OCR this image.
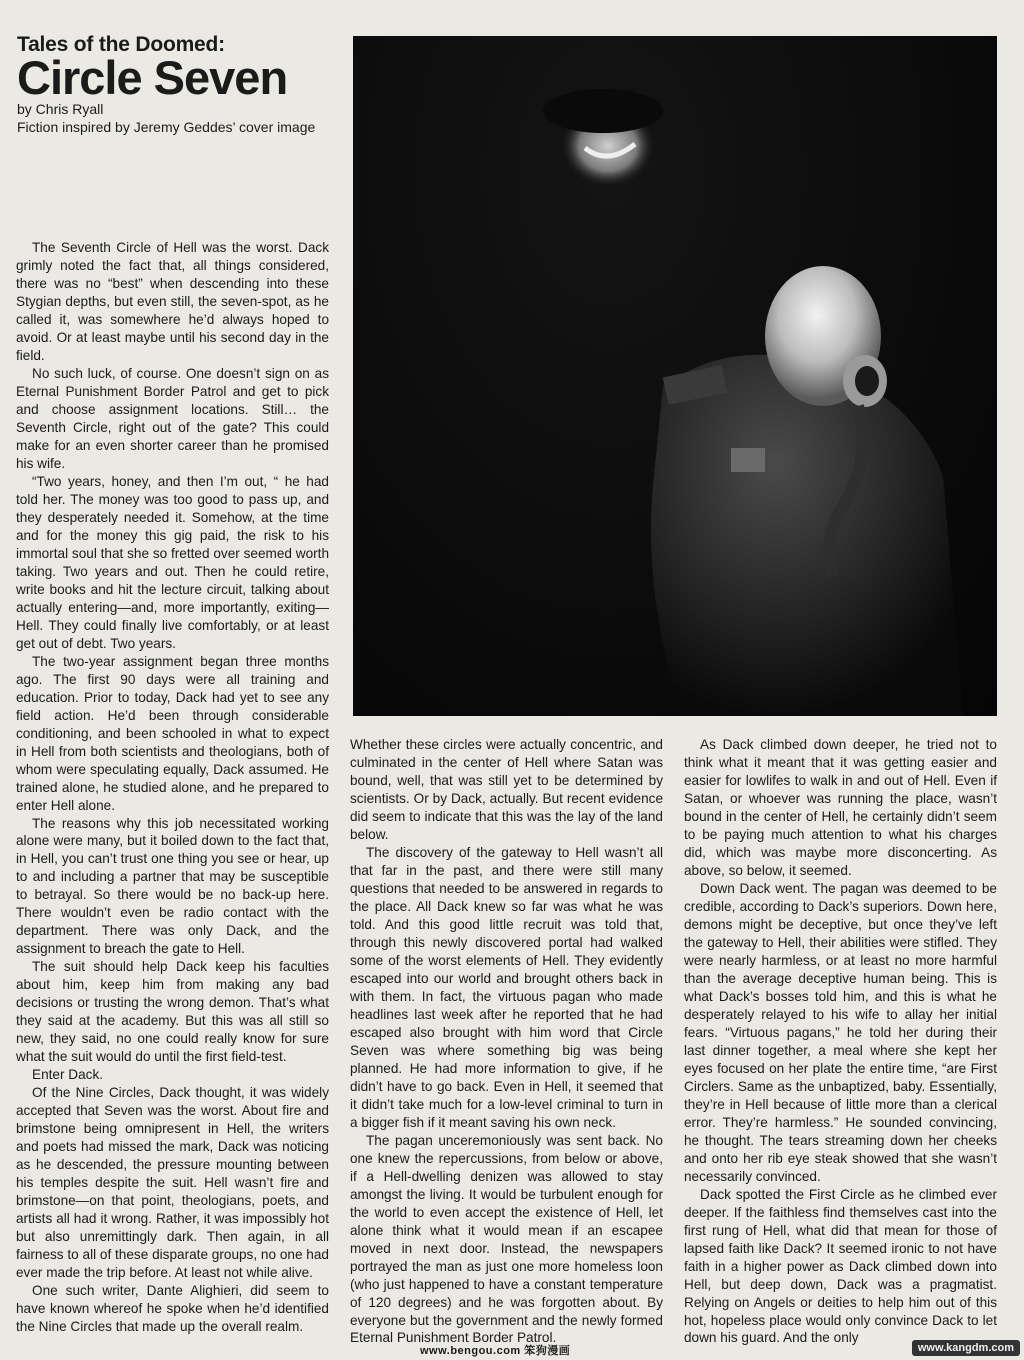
Tales of the Doomed:
Circle Seven
by Chris Ryall
Fiction inspired by Jeremy Geddes’ cover image

The Seventh Circle of Hell was the worst. Dack grimly noted the fact that, all things considered, there was no “best” when descending into these Stygian depths, but even still, the seven-spot, as he called it, was somewhere he’d always hoped to avoid. Or at least maybe until his second day in the field.

No such luck, of course. One doesn’t sign on as Eternal Punishment Border Patrol and get to pick and choose assignment locations. Still… the Seventh Circle, right out of the gate? This could make for an even shorter career than he promised his wife.

“Two years, honey, and then I’m out, “ he had told her. The money was too good to pass up, and they desperately needed it. Somehow, at the time and for the money this gig paid, the risk to his immortal soul that she so fretted over seemed worth taking. Two years and out. Then he could retire, write books and hit the lecture circuit, talking about actually entering—and, more importantly, exiting—Hell. They could finally live comfortably, or at least get out of debt. Two years.

The two-year assignment began three months ago. The first 90 days were all training and education. Prior to today, Dack had yet to see any field action. He’d been through considerable conditioning, and been schooled in what to expect in Hell from both scientists and theologians, both of whom were speculating equally, Dack assumed. He trained alone, he studied alone, and he prepared to enter Hell alone.

The reasons why this job necessitated working alone were many, but it boiled down to the fact that, in Hell, you can’t trust one thing you see or hear, up to and including a partner that may be susceptible to betrayal. So there would be no back-up here. There wouldn’t even be radio contact with the department. There was only Dack, and the assignment to breach the gate to Hell.

The suit should help Dack keep his faculties about him, keep him from making any bad decisions or trusting the wrong demon. That’s what they said at the academy. But this was all still so new, they said, no one could really know for sure what the suit would do until the first field-test.

Enter Dack.

Of the Nine Circles, Dack thought, it was widely accepted that Seven was the worst. About fire and brimstone being omnipresent in Hell, the writers and poets had missed the mark, Dack was noticing as he descended, the pressure mounting between his temples despite the suit. Hell wasn’t fire and brimstone—on that point, theologians, poets, and artists all had it wrong. Rather, it was impossibly hot but also unremittingly dark. Then again, in all fairness to all of these disparate groups, no one had ever made the trip before. At least not while alive.

One such writer, Dante Alighieri, did seem to have known whereof he spoke when he’d identified the Nine Circles that made up the overall realm.

Whether these circles were actually concentric, and culminated in the center of Hell where Satan was bound, well, that was still yet to be determined by scientists. Or by Dack, actually. But recent evidence did seem to indicate that this was the lay of the land below.

The discovery of the gateway to Hell wasn’t all that far in the past, and there were still many questions that needed to be answered in regards to the place. All Dack knew so far was what he was told. And this good little recruit was told that, through this newly discovered portal had walked some of the worst elements of Hell. They evidently escaped into our world and brought others back in with them. In fact, the virtuous pagan who made headlines last week after he reported that he had escaped also brought with him word that Circle Seven was where something big was being planned. He had more information to give, if he didn’t have to go back. Even in Hell, it seemed that it didn’t take much for a low-level criminal to turn in a bigger fish if it meant saving his own neck.

The pagan unceremoniously was sent back. No one knew the repercussions, from below or above, if a Hell-dwelling denizen was allowed to stay amongst the living. It would be turbulent enough for the world to even accept the existence of Hell, let alone think what it would mean if an escapee moved in next door. Instead, the newspapers portrayed the man as just one more homeless loon (who just happened to have a constant temperature of 120 degrees) and he was forgotten about. By everyone but the government and the newly formed Eternal Punishment Border Patrol.

As Dack climbed down deeper, he tried not to think what it meant that it was getting easier and easier for lowlifes to walk in and out of Hell. Even if Satan, or whoever was running the place, wasn’t bound in the center of Hell, he certainly didn’t seem to be paying much attention to what his charges did, which was maybe more disconcerting. As above, so below, it seemed.

Down Dack went. The pagan was deemed to be credible, according to Dack’s superiors. Down here, demons might be deceptive, but once they’ve left the gateway to Hell, their abilities were stifled. They were nearly harmless, or at least no more harmful than the average deceptive human being. This is what Dack’s bosses told him, and this is what he desperately relayed to his wife to allay her initial fears. “Virtuous pagans,” he told her during their last dinner together, a meal where she kept her eyes focused on her plate the entire time, “are First Circlers. Same as the unbaptized, baby. Essentially, they’re in Hell because of little more than a clerical error. They’re harmless.” He sounded convincing, he thought. The tears streaming down her cheeks and onto her rib eye steak showed that she wasn’t necessarily convinced.

Dack spotted the First Circle as he climbed ever deeper. If the faithless find themselves cast into the first rung of Hell, what did that mean for those of lapsed faith like Dack? It seemed ironic to not have faith in a higher power as Dack climbed down into Hell, but deep down, Dack was a pragmatist. Relying on Angels or deities to help him out of this hot, hopeless place would only convince Dack to let down his guard. And the only

www.bengou.com 笨狗漫画	www.kangdm.com
